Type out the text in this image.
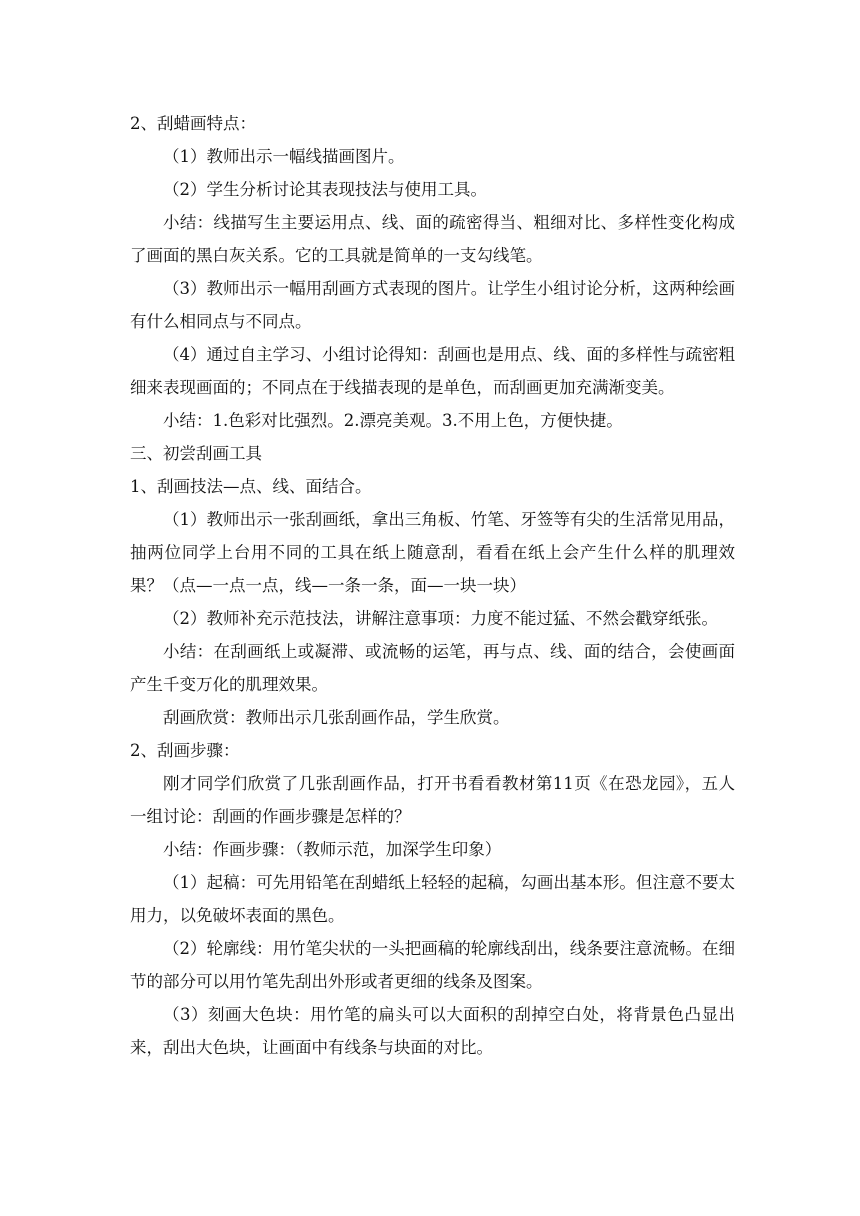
2、刮蜡画特点：

（1）教师出示一幅线描画图片。

（2）学生分析讨论其表现技法与使用工具。

小结：线描写生主要运用点、线、面的疏密得当、粗细对比、多样性变化构成了画面的黑白灰关系。它的工具就是简单的一支勾线笔。

（3）教师出示一幅用刮画方式表现的图片。让学生小组讨论分析，这两种绘画有什么相同点与不同点。

（4）通过自主学习、小组讨论得知：刮画也是用点、线、面的多样性与疏密粗细来表现画面的；不同点在于线描表现的是单色，而刮画更加充满渐变美。

小结：1.色彩对比强烈。2.漂亮美观。3.不用上色，方便快捷。

三、初尝刮画工具

1、刮画技法—点、线、面结合。

（1）教师出示一张刮画纸，拿出三角板、竹笔、牙签等有尖的生活常见用品，抽两位同学上台用不同的工具在纸上随意刮，看看在纸上会产生什么样的肌理效果？（点—一点一点，线—一条一条，面—一块一块）

（2）教师补充示范技法，讲解注意事项：力度不能过猛、不然会戳穿纸张。

小结：在刮画纸上或凝滞、或流畅的运笔，再与点、线、面的结合，会使画面产生千变万化的肌理效果。

刮画欣赏：教师出示几张刮画作品，学生欣赏。

2、刮画步骤：

刚才同学们欣赏了几张刮画作品，打开书看看教材第11页《在恐龙园》，五人一组讨论：刮画的作画步骤是怎样的？

小结：作画步骤：（教师示范，加深学生印象）

（1）起稿：可先用铅笔在刮蜡纸上轻轻的起稿，勾画出基本形。但注意不要太用力，以免破坏表面的黑色。

（2）轮廓线：用竹笔尖状的一头把画稿的轮廓线刮出，线条要注意流畅。在细节的部分可以用竹笔先刮出外形或者更细的线条及图案。

（3）刻画大色块：用竹笔的扁头可以大面积的刮掉空白处，将背景色凸显出来，刮出大色块，让画面中有线条与块面的对比。
